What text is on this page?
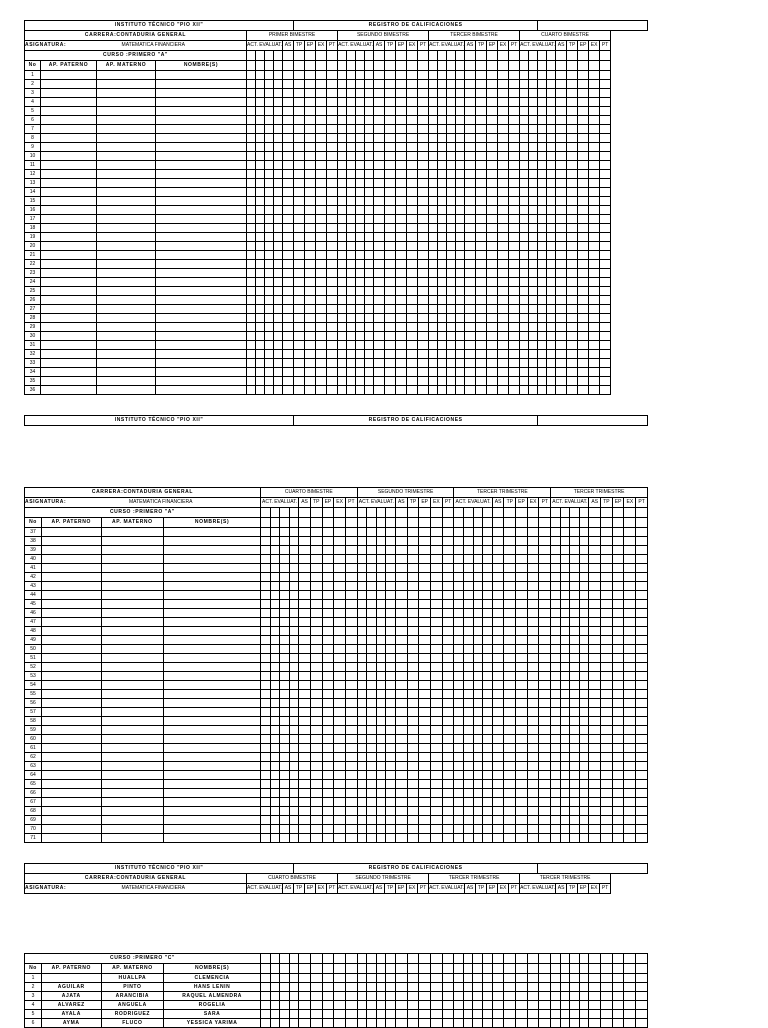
INSTITUTO TÉCNICO "PIO XII"									REGISTRO DE CALIFICACIONES																														
CARRERA:CONTADURIA GENERAL				PRIMER BIMESTRE									SEGUNDO BIMESTRE									TERCER BIMESTRE									CUARTO BIMESTRE								
ASIGNATURA:	MATEMATICA FINANCIERA			ACT. EVALUAT.				AS	TP	EP	EX	PT	ACT. EVALUAT.				AS	TP	EP	EX	PT	ACT. EVALUAT.				AS	TP	EP	EX	PT	ACT. EVALUAT.				AS	TP	EP	EX	PT
CURSO :PRIMERO "A"																																							
No	AP. PATERNO	AP. MATERNO	NOMBRE(S)																																				
1																																							
2																																							
3																																							
4																																							
5																																							
6																																							
7																																							
8																																							
9																																							
10																																							
11																																							
12																																							
13																																							
14																																							
15																																							
16																																							
17																																							
18																																							
19																																							
20																																							
21																																							
22																																							
23																																							
24																																							
25																																							
26																																							
27																																							
28																																							
29																																							
30																																							
31																																							
32																																							
33																																							
34																																							
35																																							
36																																							
INSTITUTO TÉCNICO "PIO XII"	REGISTRO DE CALIFICACIONES	
CARRERA:CONTADURIA GENERAL				CUARTO BIMESTRE									SEGUNDO TRIMESTRE									TERCER TRIMESTRE									TERCER TRIMESTRE								
ASIGNATURA:	MATEMATICA FINANCIERA			ACT. EVALUAT.				AS	TP	EP	EX	PT	ACT. EVALUAT.				AS	TP	EP	EX	PT	ACT. EVALUAT.				AS	TP	EP	EX	PT	ACT. EVALUAT.				AS	TP	EP	EX	PT
CURSO :PRIMERO "A"																																							
No	AP. PATERNO	AP. MATERNO	NOMBRE(S)																																				
37																																							
38																																							
39																																							
40																																							
41																																							
42																																							
43																																							
44																																							
45																																							
46																																							
47																																							
48																																							
49																																							
50																																							
51																																							
52																																							
53																																							
54																																							
55																																							
56																																							
57																																							
58																																							
59																																							
60																																							
61																																							
62																																							
63																																							
64																																							
65																																							
66																																							
67																																							
68																																							
69																																							
70																																							
71																																							
INSTITUTO TÉCNICO "PIO XII"				REGISTRO DE CALIFICACIONES																						
CARRERA:CONTADURIA GENERAL		CUARTO BIMESTRE						SEGUNDO TRIMESTRE						TERCER TRIMESTRE						TERCER TRIMESTRE						
ASIGNATURA:	MATEMATICA FINANCIERA	ACT. EVALUAT.	AS	TP	EP	EX	PT	ACT. EVALUAT.	AS	TP	EP	EX	PT	ACT. EVALUAT.	AS	TP	EP	EX	PT	ACT. EVALUAT.		AS	TP	EP	EX	PT
CURSO :PRIMERO "C"																																							
No	AP. PATERNO	AP. MATERNO	NOMBRE(S)																																				
1		HUALLPA	CLEMENCIA																																				
2	AGUILAR	PINTO	HANS LENIN																																				
3	AJATA	ARANCIBIA	RAQUEL ALMENDRA																																				
4	ALVAREZ	ANGUELA	ROGELIA																																				
5	AYALA	RODRIGUEZ	SARA																																				
6	AYMA	FLUCO	YESSICA YARIMA																																				
